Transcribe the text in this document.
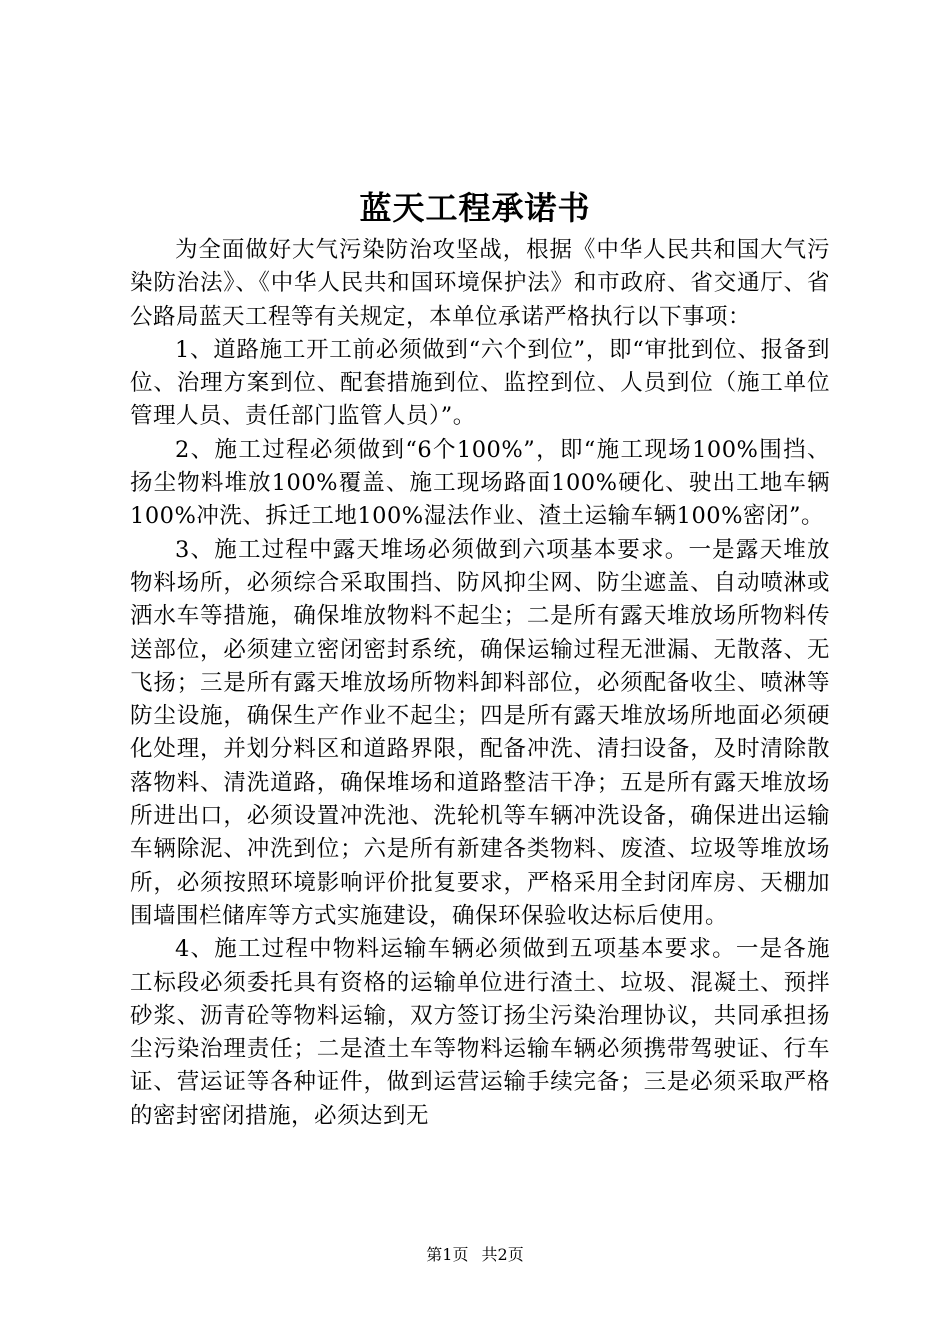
蓝天工程承诺书

为全面做好大气污染防治攻坚战，根据《中华人民共和国大气污染防治法》、《中华人民共和国环境保护法》和市政府、省交通厅、省公路局蓝天工程等有关规定，本单位承诺严格执行以下事项：

1、道路施工开工前必须做到“六个到位”，即“审批到位、报备到位、治理方案到位、配套措施到位、监控到位、人员到位（施工单位管理人员、责任部门监管人员）”。

2、施工过程必须做到“6个100%”，即“施工现场100%围挡、扬尘物料堆放100%覆盖、施工现场路面100%硬化、驶出工地车辆100%冲洗、拆迁工地100%湿法作业、渣土运输车辆100%密闭”。

3、施工过程中露天堆场必须做到六项基本要求。一是露天堆放物料场所，必须综合采取围挡、防风抑尘网、防尘遮盖、自动喷淋或洒水车等措施，确保堆放物料不起尘；二是所有露天堆放场所物料传送部位，必须建立密闭密封系统，确保运输过程无泄漏、无散落、无飞扬；三是所有露天堆放场所物料卸料部位，必须配备收尘、喷淋等防尘设施，确保生产作业不起尘；四是所有露天堆放场所地面必须硬化处理，并划分料区和道路界限，配备冲洗、清扫设备，及时清除散落物料、清洗道路，确保堆场和道路整洁干净；五是所有露天堆放场所进出口，必须设置冲洗池、洗轮机等车辆冲洗设备，确保进出运输车辆除泥、冲洗到位；六是所有新建各类物料、废渣、垃圾等堆放场所，必须按照环境影响评价批复要求，严格采用全封闭库房、天棚加围墙围栏储库等方式实施建设，确保环保验收达标后使用。

4、施工过程中物料运输车辆必须做到五项基本要求。一是各施工标段必须委托具有资格的运输单位进行渣土、垃圾、混凝土、预拌砂浆、沥青砼等物料运输，双方签订扬尘污染治理协议，共同承担扬尘污染治理责任；二是渣土车等物料运输车辆必须携带驾驶证、行车证、营运证等各种证件，做到运营运输手续完备；三是必须采取严格的密封密闭措施，必须达到无

第1页 共2页
